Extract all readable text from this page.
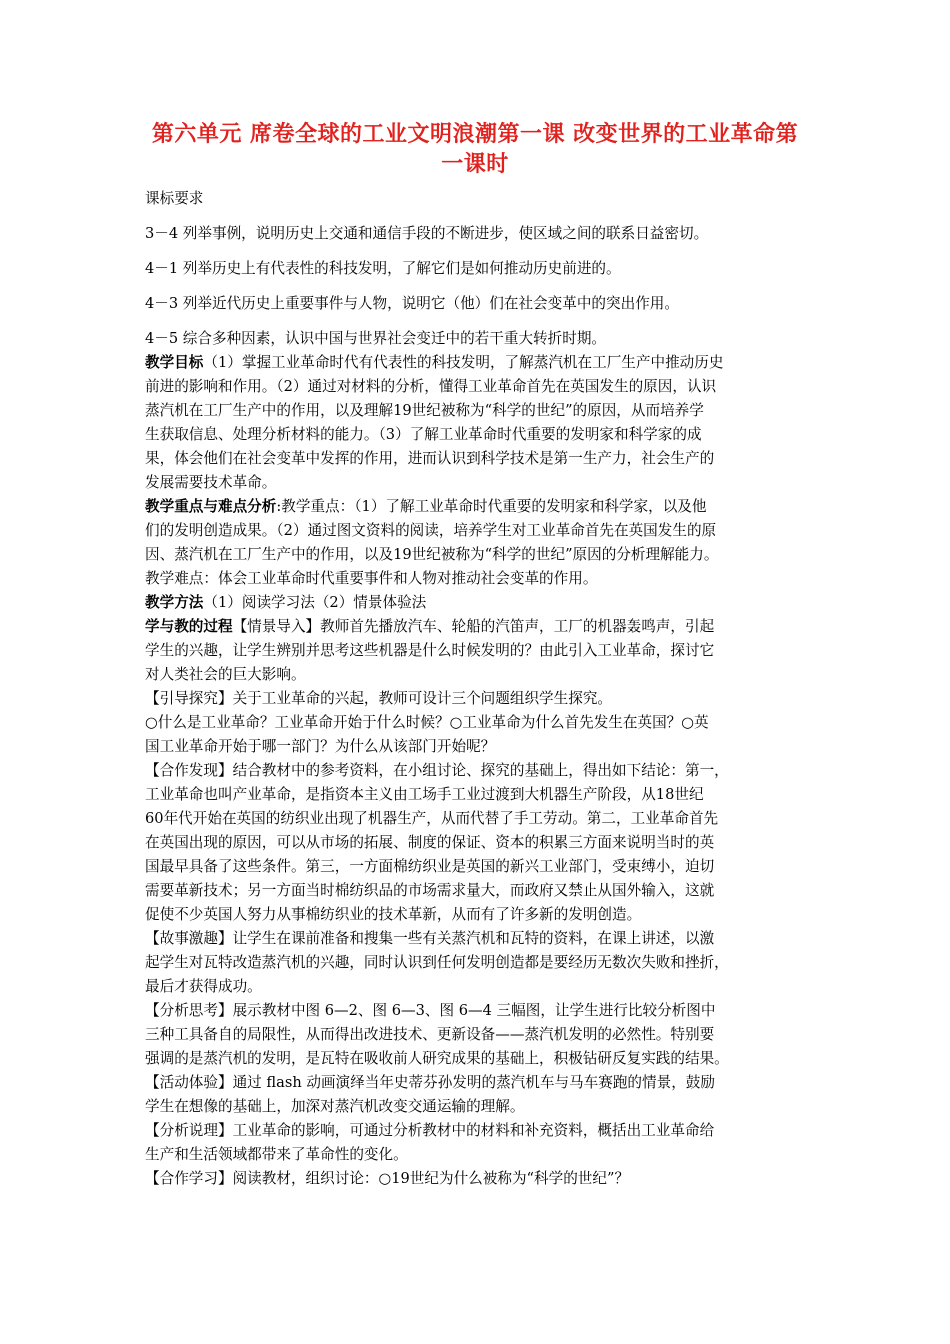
第六单元 席卷全球的工业文明浪潮第一课 改变世界的工业革命第
一课时

课标要求

3－4 列举事例，说明历史上交通和通信手段的不断进步，使区域之间的联系日益密切。

4－1 列举历史上有代表性的科技发明，了解它们是如何推动历史前进的。

4－3 列举近代历史上重要事件与人物，说明它（他）们在社会变革中的突出作用。

4－5 综合多种因素，认识中国与世界社会变迁中的若干重大转折时期。

教学目标（1）掌握工业革命时代有代表性的科技发明，了解蒸汽机在工厂生产中推动历史

前进的影响和作用。（2）通过对材料的分析，懂得工业革命首先在英国发生的原因，认识

蒸汽机在工厂生产中的作用，以及理解19世纪被称为“科学的世纪”的原因，从而培养学

生获取信息、处理分析材料的能力。（3）了解工业革命时代重要的发明家和科学家的成

果，体会他们在社会变革中发挥的作用，进而认识到科学技术是第一生产力，社会生产的

发展需要技术革命。

教学重点与难点分析:教学重点：（1）了解工业革命时代重要的发明家和科学家，以及他

们的发明创造成果。（2）通过图文资料的阅读，培养学生对工业革命首先在英国发生的原

因、蒸汽机在工厂生产中的作用，以及19世纪被称为“科学的世纪”原因的分析理解能力。

教学难点：体会工业革命时代重要事件和人物对推动社会变革的作用。

教学方法（1）阅读学习法（2）情景体验法

学与教的过程【情景导入】教师首先播放汽车、轮船的汽笛声，工厂的机器轰鸣声，引起

学生的兴趣，让学生辨别并思考这些机器是什么时候发明的？由此引入工业革命，探讨它

对人类社会的巨大影响。

【引导探究】关于工业革命的兴起，教师可设计三个问题组织学生探究。

○什么是工业革命？工业革命开始于什么时候？○工业革命为什么首先发生在英国？○英

国工业革命开始于哪一部门？为什么从该部门开始呢？

【合作发现】结合教材中的参考资料，在小组讨论、探究的基础上，得出如下结论：第一，

工业革命也叫产业革命，是指资本主义由工场手工业过渡到大机器生产阶段，从18世纪

60年代开始在英国的纺织业出现了机器生产，从而代替了手工劳动。第二，工业革命首先

在英国出现的原因，可以从市场的拓展、制度的保证、资本的积累三方面来说明当时的英

国最早具备了这些条件。第三，一方面棉纺织业是英国的新兴工业部门，受束缚小，迫切

需要革新技术；另一方面当时棉纺织品的市场需求量大，而政府又禁止从国外输入，这就

促使不少英国人努力从事棉纺织业的技术革新，从而有了许多新的发明创造。

【故事激趣】让学生在课前准备和搜集一些有关蒸汽机和瓦特的资料，在课上讲述，以激

起学生对瓦特改造蒸汽机的兴趣，同时认识到任何发明创造都是要经历无数次失败和挫折，

最后才获得成功。

【分析思考】展示教材中图 6—2、图 6—3、图 6—4 三幅图，让学生进行比较分析图中

三种工具备自的局限性，从而得出改进技术、更新设备——蒸汽机发明的必然性。特别要

强调的是蒸汽机的发明，是瓦特在吸收前人研究成果的基础上，积极钻研反复实践的结果。

【活动体验】通过 flash 动画演绎当年史蒂芬孙发明的蒸汽机车与马车赛跑的情景，鼓励

学生在想像的基础上，加深对蒸汽机改变交通运输的理解。

【分析说理】工业革命的影响，可通过分析教材中的材料和补充资料，概括出工业革命给

生产和生活领域都带来了革命性的变化。

【合作学习】阅读教材，组织讨论：○19世纪为什么被称为“科学的世纪”？
